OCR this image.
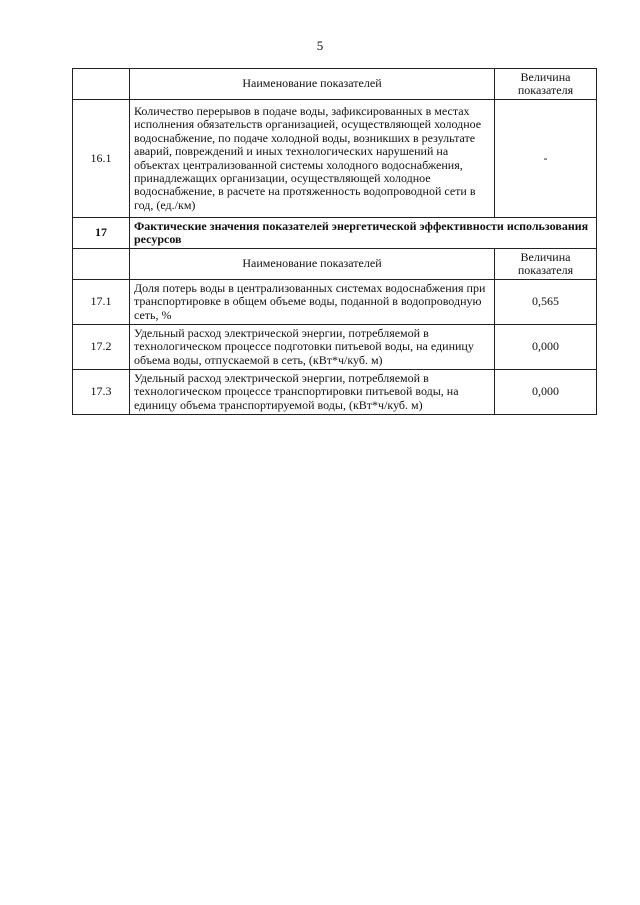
5
	Наименование показателей	Величина показателя
16.1	Количество перерывов в подаче воды, зафиксированных в местах исполнения обязательств организацией, осуществляющей холодное водоснабжение, по подаче холодной воды, возникших в результате аварий, повреждений и иных технологических нарушений на объектах централизованной системы холодного водоснабжения, принадлежащих организации, осуществляющей холодное водоснабжение, в расчете на протяженность водопроводной сети в год, (ед./км)	-
17	Фактические значения показателей энергетической эффективности использования ресурсов	
	Наименование показателей	Величина показателя
17.1	Доля потерь воды в централизованных системах водоснабжения при транспортировке в общем объеме воды, поданной в водопроводную сеть, %	0,565
17.2	Удельный расход электрической энергии, потребляемой в технологическом процессе подготовки питьевой воды, на единицу объема воды, отпускаемой в сеть, (кВт*ч/куб. м)	0,000
17.3	Удельный расход электрической энергии, потребляемой в технологическом процессе транспортировки питьевой воды, на единицу объема транспортируемой воды, (кВт*ч/куб. м)	0,000
